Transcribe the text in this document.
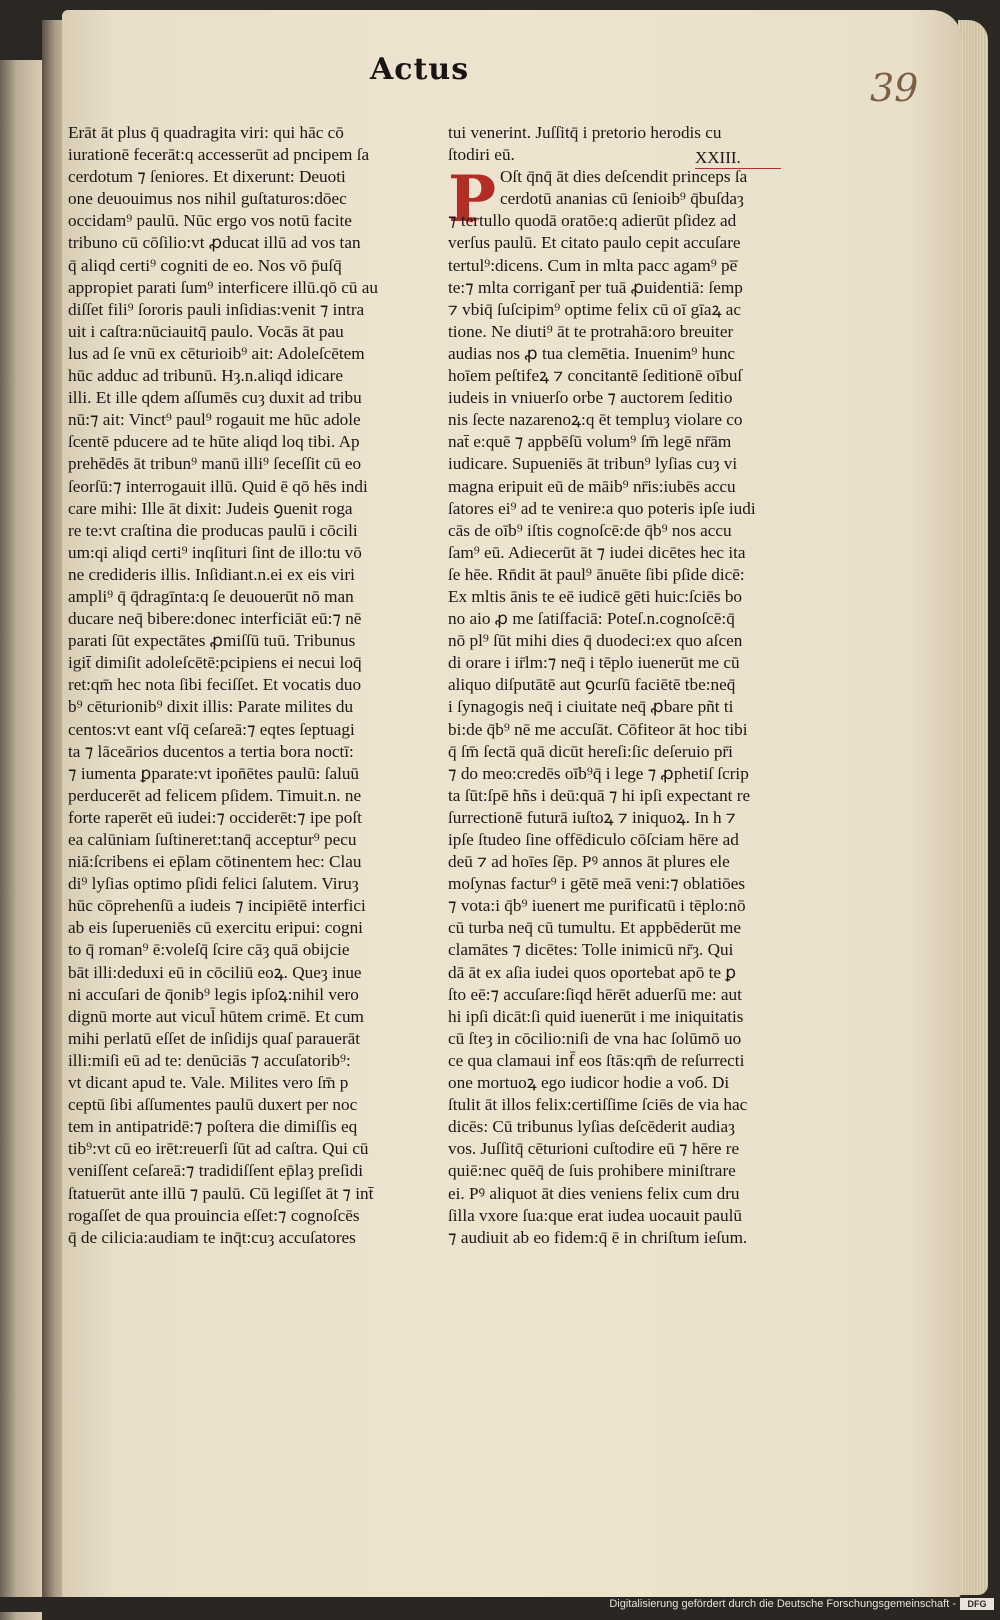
Actus	39
Erāt āt plus q̄ quadragita viri: qui hāc cō
iurationē fecerāt:q accesserūt ad pncipem ſa
cerdotum ⁊ ſeniores. Et dixerunt: Deuoti
one deuouimus nos nihil guſtaturos:dōec
occidam⁹ paulū. Nūc ergo vos notū facite
tribuno cū cōſilio:vt ꝓducat illū ad vos tan
q̄ aliqd certi⁹ cogniti de eo. Nos vō p̄uſq̄
appropiet parati ſum⁹ interficere illū.qō cū au
diſſet fili⁹ ſororis pauli inſidias:venit ⁊ intra
uit i caſtra:nūciauitq̄ paulo. Vocās āt pau
lus ad ſe vnū ex cēturioib⁹ ait: Adoleſcētem
hūc adduc ad tribunū. Hȝ.n.aliqd idicare
illi. Et ille qdem aſſumēs cuȝ duxit ad tribu
nū:⁊ ait: Vinct⁹ paul⁹ rogauit me hūc adole
ſcentē pducere ad te hūte aliqd loq tibi. Ap
prehēdēs āt tribun⁹ manū illi⁹ ſeceſſit cū eo
ſeorſū:⁊ interrogauit illū. Quid ē qō hēs indi
care mihi: Ille āt dixit: Judeis ꝯuenit roga
re te:vt craſtina die producas paulū i cōcili
um:qi aliqd certi⁹ inqſituri ſint de illo:tu vō
ne credideris illis. Inſidiant.n.ei ex eis viri
ampli⁹ q̄ q̄dragīnta:q ſe deuouerūt nō man
ducare neq̄ bibere:donec interficiāt eū:⁊ nē
parati ſūt expectātes ꝓmiſſū tuū. Tribunus
igit̄ dimiſit adoleſcētē:pcipiens ei necui loq̄
ret:qm̄ hec nota ſibi feciſſet. Et vocatis duo
b⁹ cēturionib⁹ dixit illis: Parate milites du
centos:vt eant vſq̄ ceſareā:⁊ eqtes ſeptuagi
ta ⁊ lāceārios ducentos a tertia bora noctī:
⁊ iumenta ꝑparate:vt ipon̄ētes paulū: ſaluū
perducerēt ad felicem pſidem. Timuit.n. ne
forte raperēt eū iudei:⁊ occiderēt:⁊ ipe poſt
ea calūniam ſuſtineret:tanq̄ acceptur⁹ pecu
niā:ſcribens ei ep̄lam cōtinentem hec: Clau
di⁹ lyſias optimo pſidi felici ſalutem. Viruȝ
hūc cōprehenſū a iudeis ⁊ incipiētē interfici
ab eis ſuperueniēs cū exercitu eripui: cogni
to q̄ roman⁹ ē:voleſq̄ ſcire cāȝ quā obijcie
bāt illi:deduxi eū in cōciliū eoꝝ. Queȝ inue
ni accuſari de q̄onib⁹ legis ipſoꝝ:nihil vero
dignū morte aut vicul̄ hūtem crimē. Et cum
mihi perlatū eſſet de inſidijs quaſ parauerāt
illi:miſi eū ad te: denūciās ⁊ accuſatorib⁹:
vt dicant apud te. Vale. Milites vero ſm̄ p
ceptū ſibi aſſumentes paulū duxert per noc
tem in antipatridē:⁊ poſtera die dimiſſis eq
tib⁹:vt cū eo irēt:reuerſi ſūt ad caſtra. Qui cū
veniſſent ceſareā:⁊ tradidiſſent ep̄laȝ preſidi
ſtatuerūt ante illū ⁊ paulū. Cū legiſſet āt ⁊ int̄
rogaſſet de qua prouincia eſſet:⁊ cognoſcēs
q̄ de cilicia:audiam te inq̄t:cuȝ accuſatores
XXIII.
P
tui venerint. Juſſitq̄ i pretorio herodis cu
ſtodiri eū.
Oſt q̄nq̄ āt dies deſcendit princeps ſa
cerdotū ananias cū ſenioib⁹ q̄buſdaȝ
⁊ tertullo quodā oratōe:q adierūt pſidez ad
verſus paulū. Et citato paulo cepit accuſare
tertul⁹:dicens. Cum in mlta pacc agam⁹ pe̅
te:⁊ mlta corrigant̄ per tuā ꝓuidentiā: ſemp
⁊ vbiq̄ ſuſcipim⁹ optime felix cū oī gīaꝝ ac
tione. Ne diuti⁹ āt te protrahā:oro breuiter
audias nos ꝓ tua clemētia. Inuenim⁹ hunc
hoīem peſtifeꝝ ⁊ concitantē ſeditionē oībuſ
iudeis in vniuerſo orbe ⁊ auctorem ſeditio
nis ſecte nazarenoꝝ:q ēt templuȝ violare co
nat̄ e:quē ⁊ appbēſū volum⁹ ſm̄ legē nr̄ām
iudicare. Supueniēs āt tribun⁹ lyſias cuȝ vi
magna eripuit eū de māib⁹ nr̄is:iubēs accu
ſatores ei⁹ ad te venire:a quo poteris ipſe iudi
cās de oīb⁹ iſtis cognoſcē:de q̄b⁹ nos accu
ſam⁹ eū. Adiecerūt āt ⁊ iudei dicētes hec ita
ſe hēe. Rn̄dit āt paul⁹ ānuēte ſibi pſide dicē:
Ex mltis ānis te eē iudicē gēti huic:ſciēs bo
no aio ꝓ me ſatiſfaciā: Poteſ.n.cognoſcē:q̄
nō pl⁹ ſūt mihi dies q̄ duodeci:ex quo aſcen
di orare i ir̄lm:⁊ neq̄ i tēplo iuenerūt me cū
aliquo diſputātē aut ꝯcurſū faciētē tbe:neq̄
i ſynagogis neq̄ i ciuitate neq̄ ꝓbare pñt ti
bi:de q̄b⁹ nē me accuſāt. Cōfiteor āt hoc tibi
q̄ ſm̄ ſectā quā dicūt hereſi:ſic deſeruio pr̄i
⁊ do meo:credēs oīb⁹q̄ i lege ⁊ ꝓphetiſ ſcrip
ta ſūt:ſpē hñs i deū:quā ⁊ hi ipſi expectant re
ſurrectionē futurā iuſtoꝝ ⁊ iniquoꝝ. In h ⁊
ipſe ſtudeo ſine offēdiculo cōſciam hēre ad
deū ⁊ ad hoīes ſēp. Pꝰ annos āt plures ele
moſynas factur⁹ i gētē meā veni:⁊ oblatiōes
⁊ vota:i q̄b⁹ iuenert me purificatū i tēplo:nō
cū turba neq̄ cū tumultu. Et appbēderūt me
clamātes ⁊ dicētes: Tolle inimicū nr̄ȝ. Qui
dā āt ex aſia iudei quos oportebat apō te ꝑ
ſto eē:⁊ accuſare:ſiqd hērēt aduerſū me: aut
hi ipſi dicāt:ſi quid iuenerūt i me iniquitatis
cū ſteȝ in cōcilio:niſi de vna hac ſolūmō uo
ce qua clamaui inf̄ eos ſtās:qm̄ de reſurrecti
one mortuoꝝ ego iudicor hodie a voб. Di
ſtulit āt illos felix:certiſſime ſciēs de via hac
dicēs: Cū tribunus lyſias deſcēderit audiaȝ
vos. Juſſitq̄ cēturioni cuſtodire eū ⁊ hēre re
quiē:nec quēq̄ de ſuis prohibere miniſtrare
ei. Pꝰ aliquot āt dies veniens felix cum dru
ſilla vxore ſua:que erat iudea uocauit paulū
⁊ audiuit ab eo fidem:q̄ ē in chriſtum ieſum.
Digitalisierung gefördert durch die Deutsche Forschungsgemeinschaft -	DFG
